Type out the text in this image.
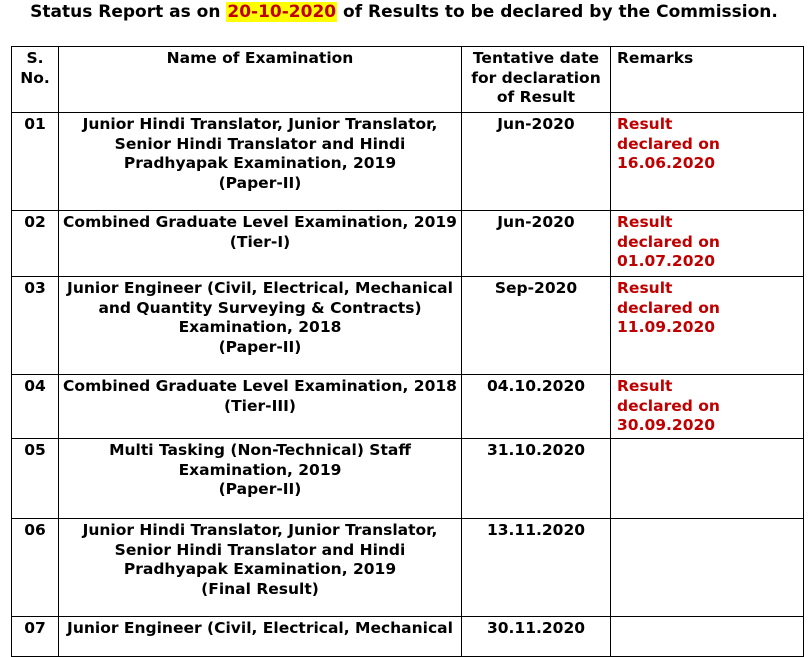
Status Report as on 20-10-2020 of Results to be declared by the Commission.
S.
No.	Name of Examination	Tentative date
for declaration
of Result	Remarks

01	Junior Hindi Translator, Junior Translator,
Senior Hindi Translator and Hindi
Pradhyapak Examination, 2019
(Paper-II)	Jun-2020	Result
declared on
16.06.2020

02	Combined Graduate Level Examination, 2019
(Tier-I)	Jun-2020	Result
declared on
01.07.2020

03	Junior Engineer (Civil, Electrical, Mechanical
and Quantity Surveying & Contracts)
Examination, 2018
(Paper-II)	Sep-2020	Result
declared on
11.09.2020

04	Combined Graduate Level Examination, 2018
(Tier-III)	04.10.2020	Result
declared on
30.09.2020

05	Multi Tasking (Non-Technical) Staff
Examination, 2019
(Paper-II)	31.10.2020	

06	Junior Hindi Translator, Junior Translator,
Senior Hindi Translator and Hindi
Pradhyapak Examination, 2019
(Final Result)	13.11.2020	

07	Junior Engineer (Civil, Electrical, Mechanical	30.11.2020	
